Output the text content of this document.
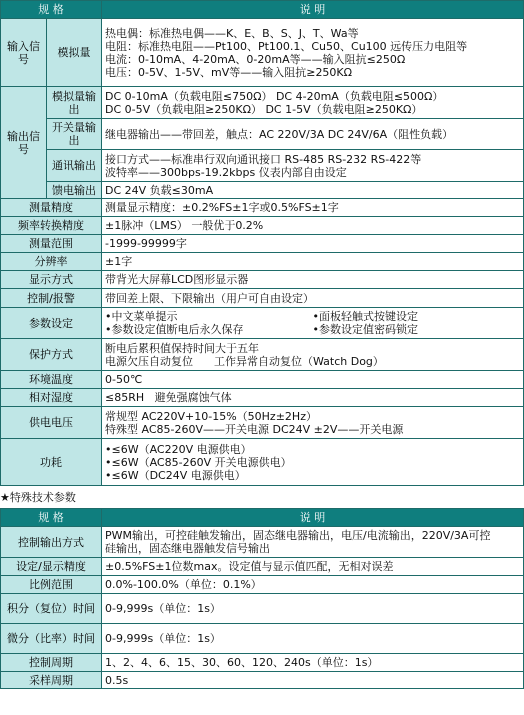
规 格		说 明
输入信号	模拟量	热电偶：标准热电偶——K、E、B、S、J、T、Wa等
电阻：标准热电阻——Pt100、Pt100.1、Cu50、Cu100 远传压力电阻等
电流：0-10mA、4-20mA、0-20mA等——输入阻抗≤250Ω
电压：0-5V、1-5V、mV等——输入阻抗≥250KΩ

输出信号	模拟量输出	DC 0-10mA（负载电阻≤750Ω） DC 4-20mA（负载电阻≤500Ω）
DC 0-5V（负载电阻≥250KΩ） DC 1-5V（负载电阻≥250KΩ）

	开关量输出	继电器输出——带回差，触点：AC 220V/3A DC 24V/6A（阻性负载）
	通讯输出	接口方式——标准串行双向通讯接口 RS-485 RS-232 RS-422等
波特率——300bps-19.2kbps 仪表内部自由设定

	馈电输出	DC 24V 负载≤30mA
测量精度		测量显示精度：±0.2%FS±1字或0.5%FS±1字
频率转换精度		±1脉冲（LMS） 一般优于0.2%
测量范围		-1999-99999字
分辨率		±1字
显示方式		带背光大屏幕LCD图形显示器
控制/报警		带回差上限、下限输出（用户可自由设定）
参数设定		• 中文菜单提示 • 面板轻触式按键设定
• 参数设定值断电后永久保存 • 参数设定值密码锁定

保护方式		断电后累积值保持时间大于五年
电源欠压自动复位      工作异常自动复位（Watch Dog）

环境温度		0-50℃
相对湿度		≤85RH   避免强腐蚀气体
供电电压		常规型 AC220V+10-15%（50Hz±2Hz）
特殊型 AC85-260V——开关电源 DC24V ±2V——开关电源

功耗		• ≤6W（AC220V 电源供电）
• ≤6W（AC85-260V 开关电源供电）
• ≤6W（DC24V 电源供电）
★特殊技术参数
规 格	说 明
控制输出方式	PWM输出，可控硅触发输出，固态继电器输出，电压/电流输出，220V/3A可控
硅输出，固态继电器触发信号输出

设定/显示精度	±0.5%FS±1位数max。设定值与显示值匹配，无相对误差
比例范围	0.0%-100.0%（单位：0.1%）
积分（复位）时间	0-9,999s（单位：1s）
微分（比率）时间	0-9,999s（单位：1s）
控制周期	1、2、4、6、15、30、60、120、240s（单位：1s）
采样周期	0.5s
